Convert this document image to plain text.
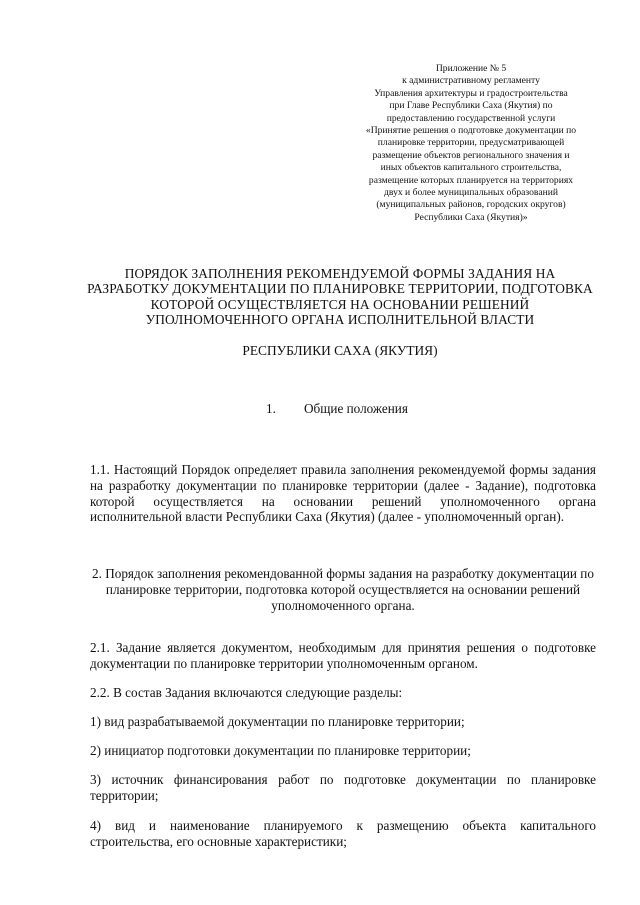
Приложение № 5
к административному регламенту
Управления архитектуры и градостроительства
при Главе Республики Саха (Якутия) по
предоставлению государственной услуги
«Принятие решения о подготовке документации по
планировке территории, предусматривающей
размещение объектов регионального значения и
иных объектов капитального строительства,
размещение которых планируется на территориях
двух и более муниципальных образований
(муниципальных районов, городских округов)
Республики Саха (Якутия)»
ПОРЯДОК ЗАПОЛНЕНИЯ РЕКОМЕНДУЕМОЙ ФОРМЫ ЗАДАНИЯ НА
РАЗРАБОТКУ ДОКУМЕНТАЦИИ ПО ПЛАНИРОВКЕ ТЕРРИТОРИИ, ПОДГОТОВКА
КОТОРОЙ ОСУЩЕСТВЛЯЕТСЯ НА ОСНОВАНИИ РЕШЕНИЙ
УПОЛНОМОЧЕННОГО ОРГАНА ИСПОЛНИТЕЛЬНОЙ ВЛАСТИ
РЕСПУБЛИКИ САХА (ЯКУТИЯ)
1. Общие положения
1.1. Настоящий Порядок определяет правила заполнения рекомендуемой формы задания
на разработку документации по планировке территории (далее - Задание), подготовка
которой осуществляется на основании решений уполномоченного органа
исполнительной власти Республики Саха (Якутия) (далее - уполномоченный орган).
2. Порядок заполнения рекомендованной формы задания на разработку документации по
планировке территории, подготовка которой осуществляется на основании решений
уполномоченного органа.
2.1. Задание является документом, необходимым для принятия решения о подготовке
документации по планировке территории уполномоченным органом.
2.2. В состав Задания включаются следующие разделы:
1) вид разрабатываемой документации по планировке территории;
2) инициатор подготовки документации по планировке территории;
3) источник финансирования работ по подготовке документации по планировке
территории;
4) вид и наименование планируемого к размещению объекта капитального
строительства, его основные характеристики;
